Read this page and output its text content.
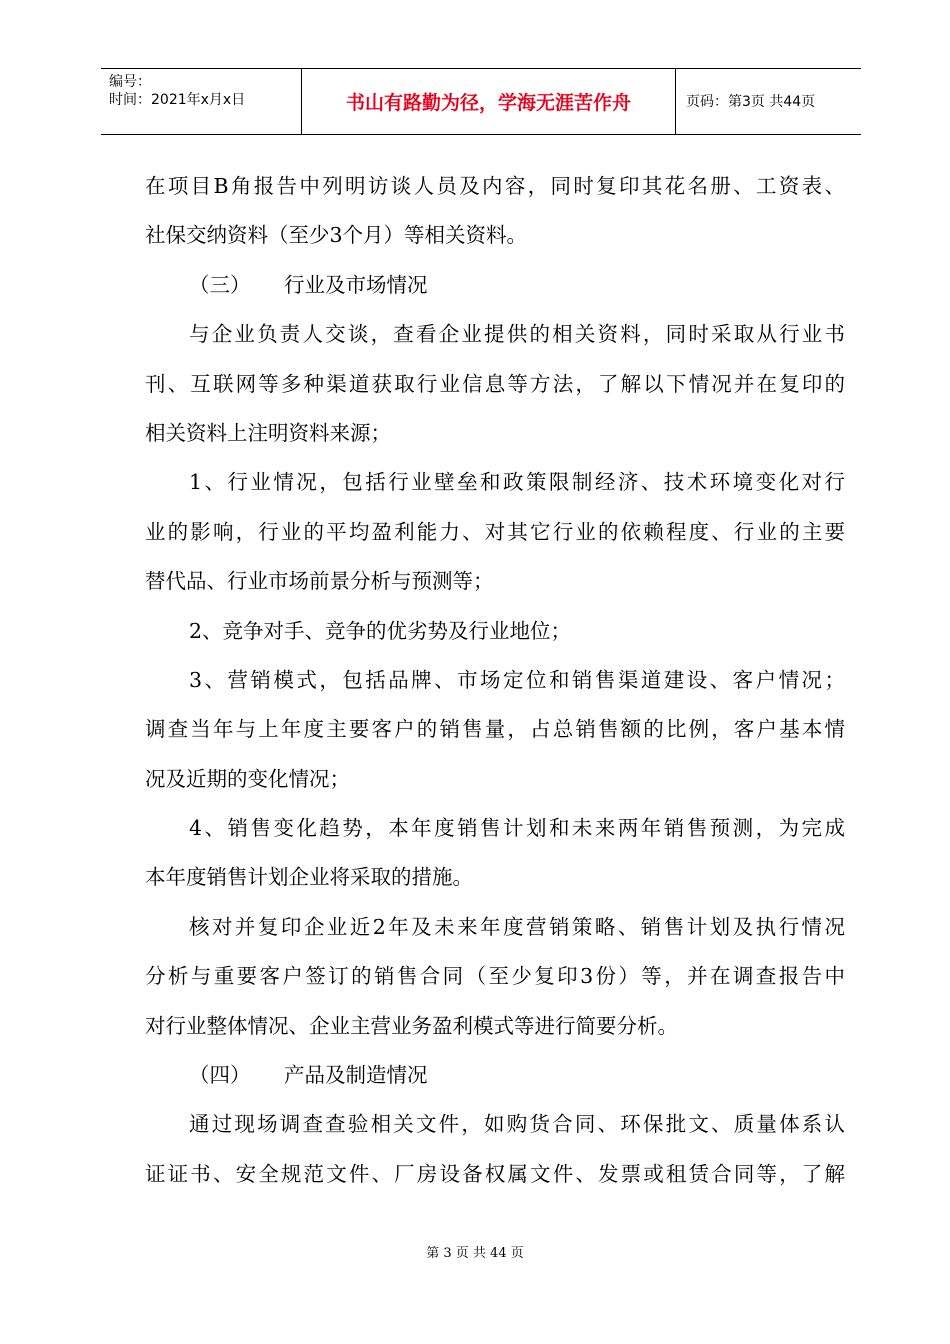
编号：
时间：2021年x月x日	书山有路勤为径，学海无涯苦作舟	页码：第3页 共44页
在项目B角报告中列明访谈人员及内容，同时复印其花名册、工资表、
社保交纳资料（至少3个月）等相关资料。
（三） 行业及市场情况
与企业负责人交谈，查看企业提供的相关资料，同时采取从行业书
刊、互联网等多种渠道获取行业信息等方法，了解以下情况并在复印的
相关资料上注明资料来源；
1、行业情况，包括行业壁垒和政策限制经济、技术环境变化对行
业的影响，行业的平均盈利能力、对其它行业的依赖程度、行业的主要
替代品、行业市场前景分析与预测等；
2、竞争对手、竞争的优劣势及行业地位；
3、营销模式，包括品牌、市场定位和销售渠道建设、客户情况；
调查当年与上年度主要客户的销售量，占总销售额的比例，客户基本情
况及近期的变化情况；
4、销售变化趋势，本年度销售计划和未来两年销售预测，为完成
本年度销售计划企业将采取的措施。
核对并复印企业近2年及未来年度营销策略、销售计划及执行情况
分析与重要客户签订的销售合同（至少复印3份）等，并在调查报告中
对行业整体情况、企业主营业务盈利模式等进行简要分析。
（四） 产品及制造情况
通过现场调查查验相关文件，如购货合同、环保批文、质量体系认
证证书、安全规范文件、厂房设备权属文件、发票或租赁合同等，了解
第 3 页 共 44 页
